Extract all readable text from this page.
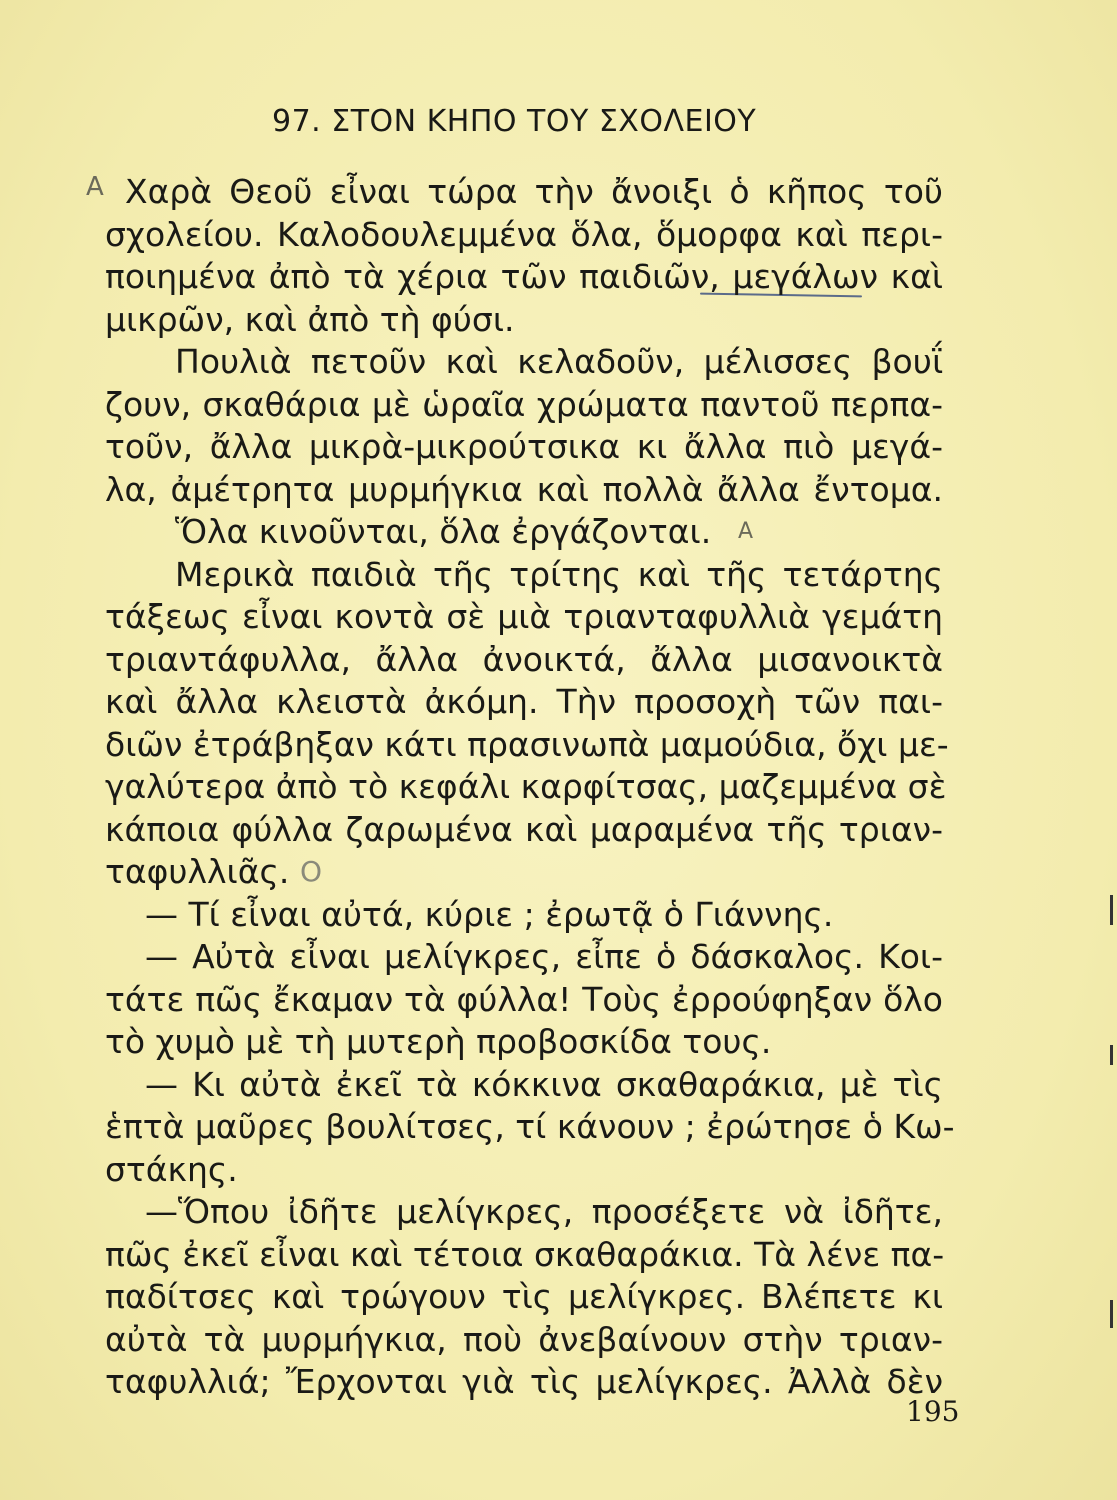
97. ΣΤΟΝ ΚΗΠΟ ΤΟΥ ΣΧΟΛΕΙΟΥ
A
A
O
Χαρὰ Θεοῦ εἶναι τώρα τὴν ἄνοιξι ὁ κῆπος τοῦ
σχολείου. Καλοδουλεμμένα ὅλα, ὅμορφα καὶ περι-
ποιημένα ἀπὸ τὰ χέρια τῶν παιδιῶν, μεγάλων καὶ
μικρῶν, καὶ ἀπὸ τὴ φύσι.
Πουλιὰ πετοῦν καὶ κελαδοῦν, μέλισσες βουΐ
ζουν, σκαθάρια μὲ ὡραῖα χρώματα παντοῦ περπα-
τοῦν, ἄλλα μικρὰ-μικρούτσικα κι ἄλλα πιὸ μεγά-
λα, ἀμέτρητα μυρμήγκια καὶ πολλὰ ἄλλα ἔντομα.
Ὅλα κινοῦνται, ὅλα ἐργάζονται.
Μερικὰ παιδιὰ τῆς τρίτης καὶ τῆς τετάρτης
τάξεως εἶναι κοντὰ σὲ μιὰ τριανταφυλλιὰ γεμάτη
τριαντάφυλλα, ἄλλα ἀνοικτά, ἄλλα μισανοικτὰ
καὶ ἄλλα κλειστὰ ἀκόμη. Τὴν προσοχὴ τῶν παι-
διῶν ἐτράβηξαν κάτι πρασινωπὰ μαμούδια, ὄχι με-
γαλύτερα ἀπὸ τὸ κεφάλι καρφίτσας, μαζεμμένα σὲ
κάποια φύλλα ζαρωμένα καὶ μαραμένα τῆς τριαν-
ταφυλλιᾶς.
— Τί εἶναι αὐτά, κύριε ; ἐρωτᾷ ὁ Γιάννης.
— Αὐτὰ εἶναι μελίγκρες, εἶπε ὁ δάσκαλος. Κοι-
τάτε πῶς ἔκαμαν τὰ φύλλα! Τοὺς ἐρρούφηξαν ὅλο
τὸ χυμὸ μὲ τὴ μυτερὴ προβοσκίδα τους.
— Κι αὐτὰ ἐκεῖ τὰ κόκκινα σκαθαράκια, μὲ τὶς
ἑπτὰ μαῦρες βουλίτσες, τί κάνουν ; ἐρώτησε ὁ Κω-
στάκης.
—Ὅπου ἰδῆτε μελίγκρες, προσέξετε νὰ ἰδῆτε,
πῶς ἐκεῖ εἶναι καὶ τέτοια σκαθαράκια. Τὰ λένε πα-
παδίτσες καὶ τρώγουν τὶς μελίγκρες. Βλέπετε κι
αὐτὰ τὰ μυρμήγκια, ποὺ ἀνεβαίνουν στὴν τριαν-
ταφυλλιά; Ἔρχονται γιὰ τὶς μελίγκρες. Ἀλλὰ δὲν
195
